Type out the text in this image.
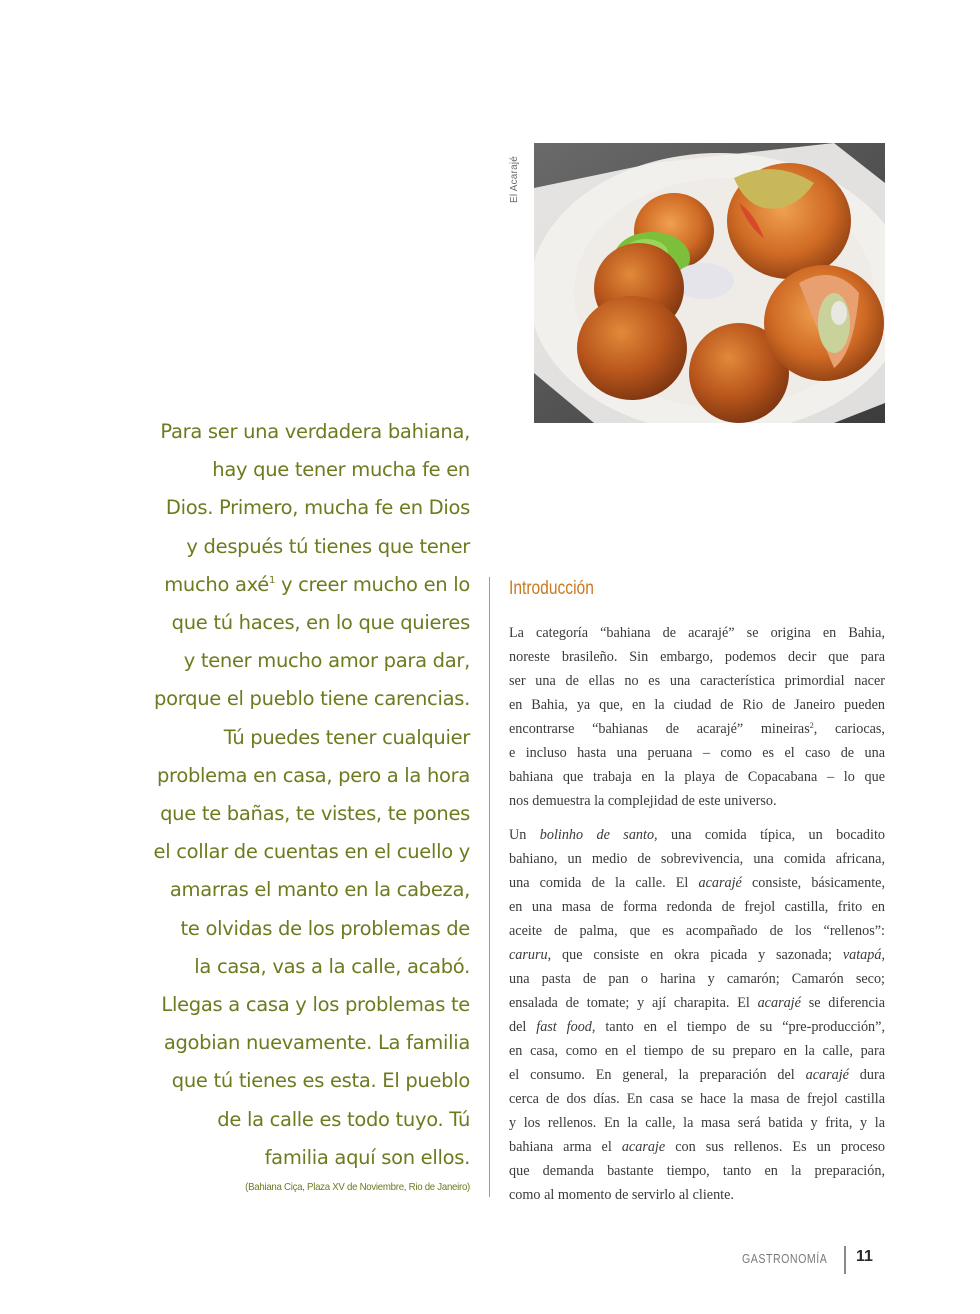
El Acarajé
Para ser una verdadera bahiana,
hay que tener mucha fe en
Dios. Primero, mucha fe en Dios
y después tú tienes que tener
mucho axé$^1$ y creer mucho en lo
que tú haces, en lo que quieres
y tener mucho amor para dar,
porque el pueblo tiene carencias.
Tú puedes tener cualquier
problema en casa, pero a la hora
que te bañas, te vistes, te pones
el collar de cuentas en el cuello y
amarras el manto en la cabeza,
te olvidas de los problemas de
la casa, vas a la calle, acabó.
Llegas a casa y los problemas te
agobian nuevamente. La familia
que tú tienes es esta. El pueblo
de la calle es todo tuyo. Tú
familia aquí son ellos.
(Bahiana Ciça, Plaza XV de Noviembre, Rio de Janeiro)
Introducción
La categoría “bahiana de acarajé” se origina en Bahia,
noreste brasileño. Sin embargo, podemos decir que para
ser una de ellas no es una característica primordial nacer
en Bahia, ya que, en la ciudad de Rio de Janeiro pueden
encontrarse “bahianas de acarajé” mineiras$^2$, cariocas,
e incluso hasta una peruana – como es el caso de una
bahiana que trabaja en la playa de Copacabana – lo que
nos demuestra la complejidad de este universo.
Un bolinho de santo, una comida típica, un bocadito
bahiano, un medio de sobrevivencia, una comida africana,
una comida de la calle. El acarajé consiste, básicamente,
en una masa de forma redonda de frejol castilla, frito en
aceite de palma, que es acompañado de los “rellenos”:
caruru, que consiste en okra picada y sazonada; vatapá,
una pasta de pan o harina y camarón; Camarón seco;
ensalada de tomate; y ají charapita. El acarajé se diferencia
del fast food, tanto en el tiempo de su “pre-producción”,
en casa, como en el tiempo de su preparo en la calle, para
el consumo. En general, la preparación del acarajé dura
cerca de dos días. En casa se hace la masa de frejol castilla
y los rellenos. En la calle, la masa será batida y frita, y la
bahiana arma el acaraje con sus rellenos. Es un proceso
que demanda bastante tiempo, tanto en la preparación,
como al momento de servirlo al cliente.
GASTRONOMÍA 11
